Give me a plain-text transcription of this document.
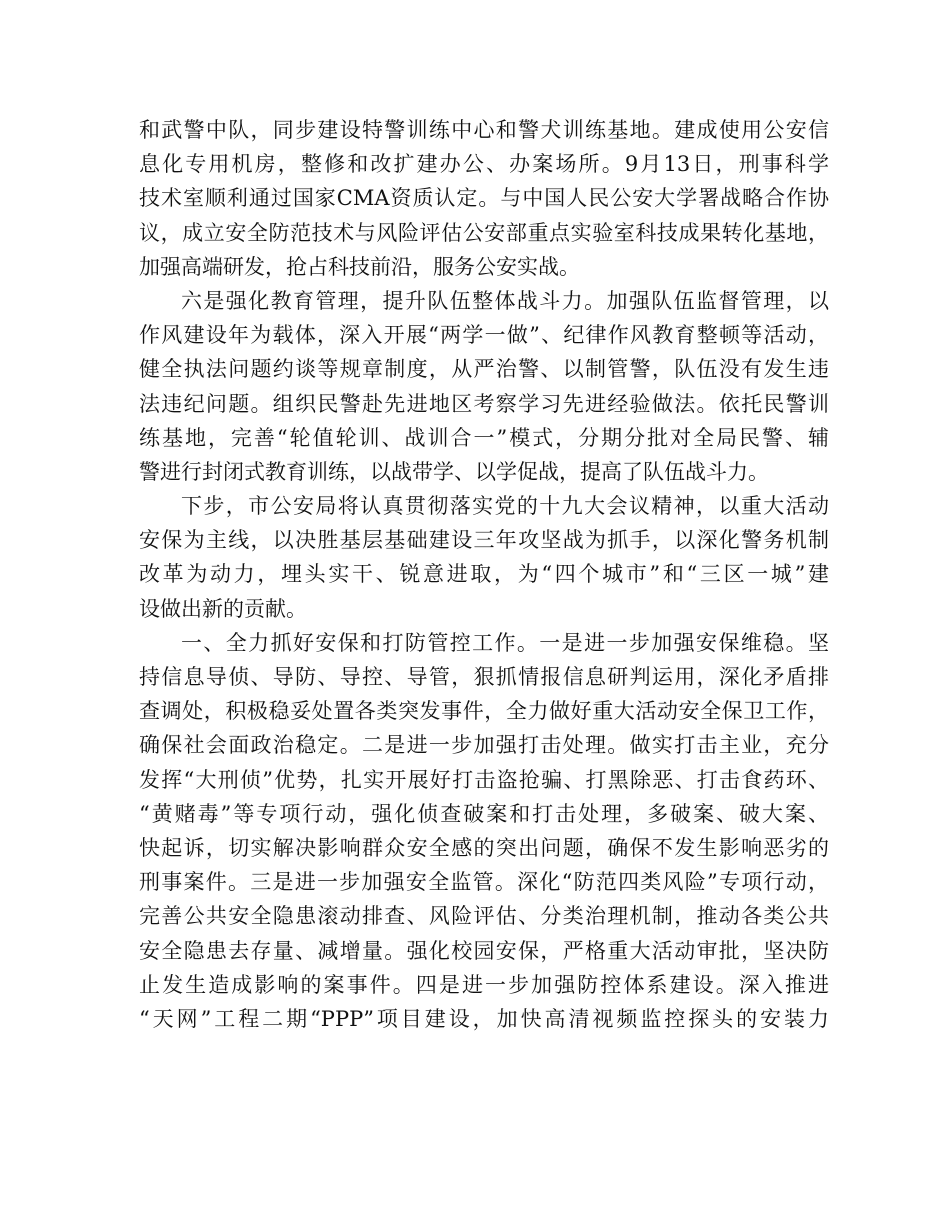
和武警中队，同步建设特警训练中心和警犬训练基地。建成使用公安信
息化专用机房，整修和改扩建办公、办案场所。9月13日，刑事科学
技术室顺利通过国家CMA资质认定。与中国人民公安大学署战略合作协
议，成立安全防范技术与风险评估公安部重点实验室科技成果转化基地，
加强高端研发，抢占科技前沿，服务公安实战。
六是强化教育管理，提升队伍整体战斗力。加强队伍监督管理，以
作风建设年为载体，深入开展“两学一做”、纪律作风教育整顿等活动，
健全执法问题约谈等规章制度，从严治警、以制管警，队伍没有发生违
法违纪问题。组织民警赴先进地区考察学习先进经验做法。依托民警训
练基地，完善“轮值轮训、战训合一”模式，分期分批对全局民警、辅
警进行封闭式教育训练，以战带学、以学促战，提高了队伍战斗力。
下步，市公安局将认真贯彻落实党的十九大会议精神，以重大活动
安保为主线，以决胜基层基础建设三年攻坚战为抓手，以深化警务机制
改革为动力，埋头实干、锐意进取，为“四个城市”和“三区一城”建
设做出新的贡献。
一、全力抓好安保和打防管控工作。一是进一步加强安保维稳。坚
持信息导侦、导防、导控、导管，狠抓情报信息研判运用，深化矛盾排
查调处，积极稳妥处置各类突发事件，全力做好重大活动安全保卫工作，
确保社会面政治稳定。二是进一步加强打击处理。做实打击主业，充分
发挥“大刑侦”优势，扎实开展好打击盗抢骗、打黑除恶、打击食药环、
“黄赌毒”等专项行动，强化侦查破案和打击处理，多破案、破大案、
快起诉，切实解决影响群众安全感的突出问题，确保不发生影响恶劣的
刑事案件。三是进一步加强安全监管。深化“防范四类风险”专项行动，
完善公共安全隐患滚动排查、风险评估、分类治理机制，推动各类公共
安全隐患去存量、减增量。强化校园安保，严格重大活动审批，坚决防
止发生造成影响的案事件。四是进一步加强防控体系建设。深入推进
“天网”工程二期“PPP”项目建设，加快高清视频监控探头的安装力
